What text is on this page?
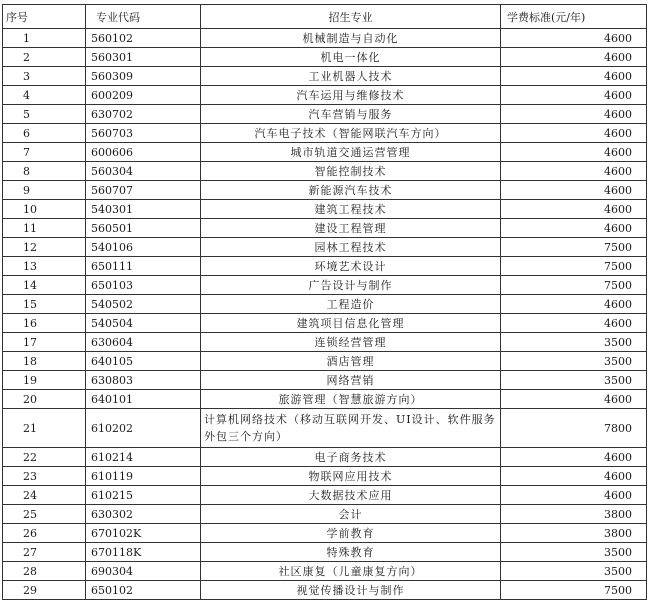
序号	专业代码	招生专业	学费标准(元/年)
1	560102	机械制造与自动化	4600
2	560301	机电一体化	4600
3	560309	工业机器人技术	4600
4	600209	汽车运用与维修技术	4600
5	630702	汽车营销与服务	4600
6	560703	汽车电子技术（智能网联汽车方向）	4600
7	600606	城市轨道交通运营管理	4600
8	560304	智能控制技术	4600
9	560707	新能源汽车技术	4600
10	540301	建筑工程技术	4600
11	560501	建设工程管理	4600
12	540106	园林工程技术	7500
13	650111	环境艺术设计	7500
14	650103	广告设计与制作	7500
15	540502	工程造价	4600
16	540504	建筑项目信息化管理	4600
17	630604	连锁经营管理	3500
18	640105	酒店管理	3500
19	630803	网络营销	3500
20	640101	旅游管理（智慧旅游方向）	4600
21	610202	计算机网络技术（移动互联网开发、UI设计、软件服务外包三个方向）	7800
22	610214	电子商务技术	4600
23	610119	物联网应用技术	4600
24	610215	大数据技术应用	4600
25	630302	会计	3800
26	670102K	学前教育	3800
27	670118K	特殊教育	3500
28	690304	社区康复（儿童康复方向）	3500
29	650102	视觉传播设计与制作	7500
